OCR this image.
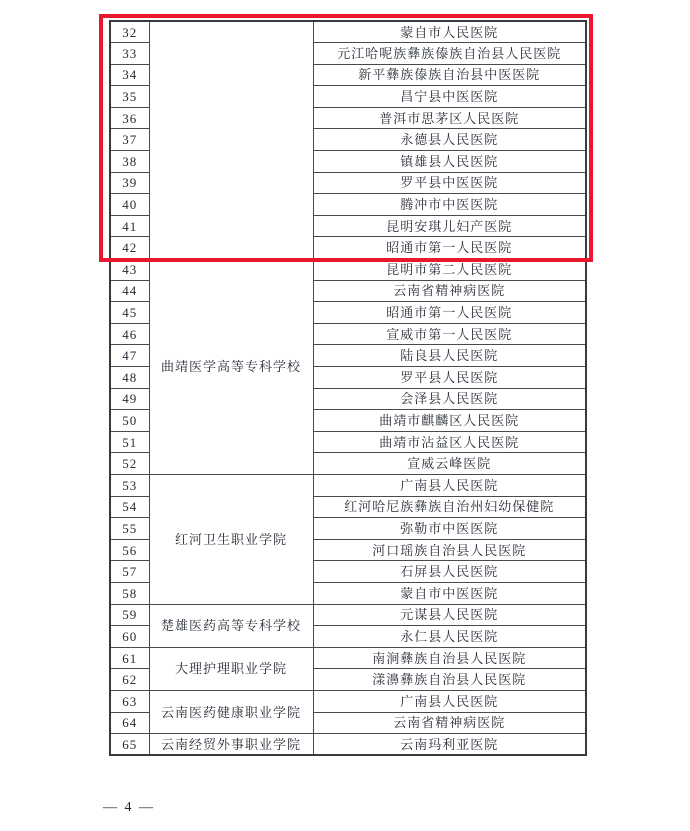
32		蒙自市人民医院
33		元江哈呢族彝族傣族自治县人民医院
34		新平彝族傣族自治县中医医院
35		昌宁县中医医院
36		普洱市思茅区人民医院
37		永德县人民医院
38		镇雄县人民医院
39		罗平县中医医院
40		腾冲市中医医院
41		昆明安琪儿妇产医院
42		昭通市第一人民医院
43	曲靖医学高等专科学校	昆明市第二人民医院
44		云南省精神病医院
45		昭通市第一人民医院
46		宣威市第一人民医院
47		陆良县人民医院
48		罗平县人民医院
49		会泽县人民医院
50		曲靖市麒麟区人民医院
51		曲靖市沾益区人民医院
52		宣威云峰医院
53	红河卫生职业学院	广南县人民医院
54		红河哈尼族彝族自治州妇幼保健院
55		弥勒市中医医院
56		河口瑶族自治县人民医院
57		石屏县人民医院
58		蒙自市中医医院
59	楚雄医药高等专科学校	元谋县人民医院
60		永仁县人民医院
61	大理护理职业学院	南涧彝族自治县人民医院
62		漾濞彝族自治县人民医院
63	云南医药健康职业学院	广南县人民医院
64		云南省精神病医院
65	云南经贸外事职业学院	云南玛利亚医院
— 4 —
